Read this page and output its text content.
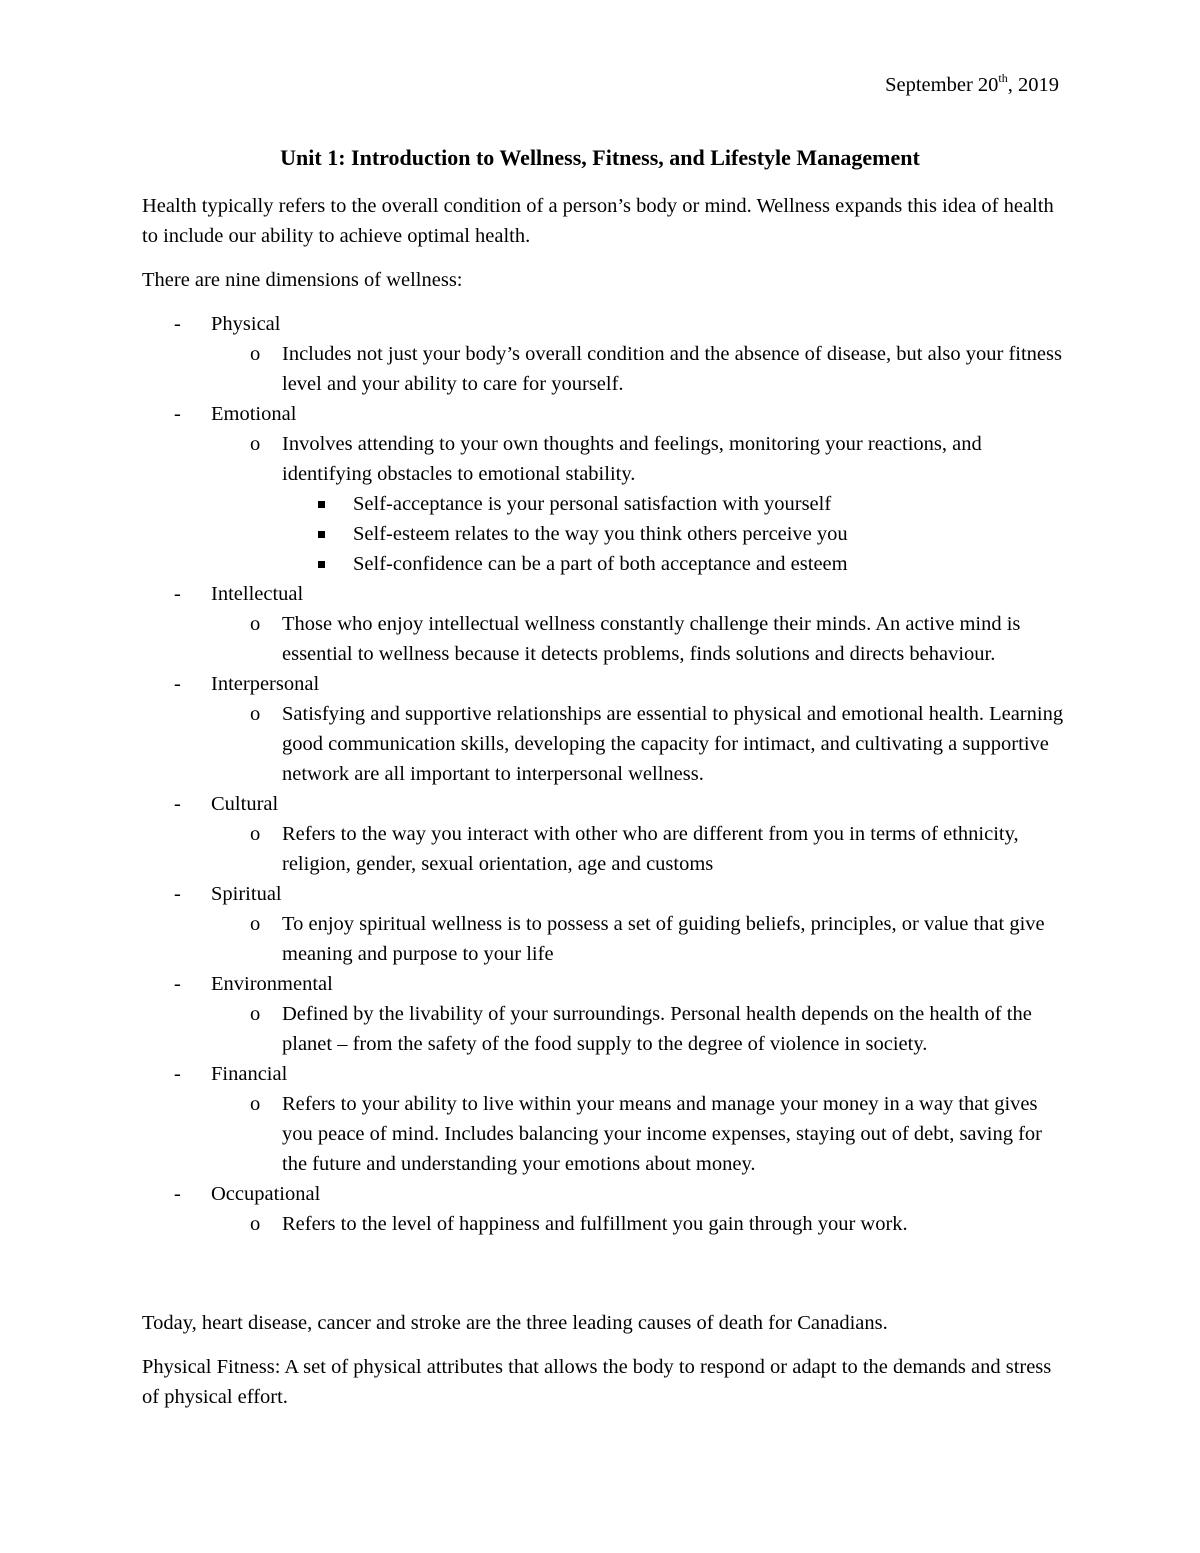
September 20th, 2019
Unit 1: Introduction to Wellness, Fitness, and Lifestyle Management

Health typically refers to the overall condition of a person’s body or mind. Wellness expands this idea of health to include our ability to achieve optimal health.

There are nine dimensions of wellness:

- Physical
o Includes not just your body’s overall condition and the absence of disease, but also your fitness level and your ability to care for yourself.
- Emotional
o Involves attending to your own thoughts and feelings, monitoring your reactions, and identifying obstacles to emotional stability.
Self-acceptance is your personal satisfaction with yourself
Self-esteem relates to the way you think others perceive you
Self-confidence can be a part of both acceptance and esteem
- Intellectual
o Those who enjoy intellectual wellness constantly challenge their minds. An active mind is essential to wellness because it detects problems, finds solutions and directs behaviour.
- Interpersonal
o Satisfying and supportive relationships are essential to physical and emotional health. Learning good communication skills, developing the capacity for intimact, and cultivating a supportive network are all important to interpersonal wellness.
- Cultural
o Refers to the way you interact with other who are different from you in terms of ethnicity, religion, gender, sexual orientation, age and customs
- Spiritual
o To enjoy spiritual wellness is to possess a set of guiding beliefs, principles, or value that give meaning and purpose to your life
- Environmental
o Defined by the livability of your surroundings. Personal health depends on the health of the planet – from the safety of the food supply to the degree of violence in society.
- Financial
o Refers to your ability to live within your means and manage your money in a way that gives you peace of mind. Includes balancing your income expenses, staying out of debt, saving for the future and understanding your emotions about money.
- Occupational
o Refers to the level of happiness and fulfillment you gain through your work.

Today, heart disease, cancer and stroke are the three leading causes of death for Canadians.

Physical Fitness: A set of physical attributes that allows the body to respond or adapt to the demands and stress of physical effort.
